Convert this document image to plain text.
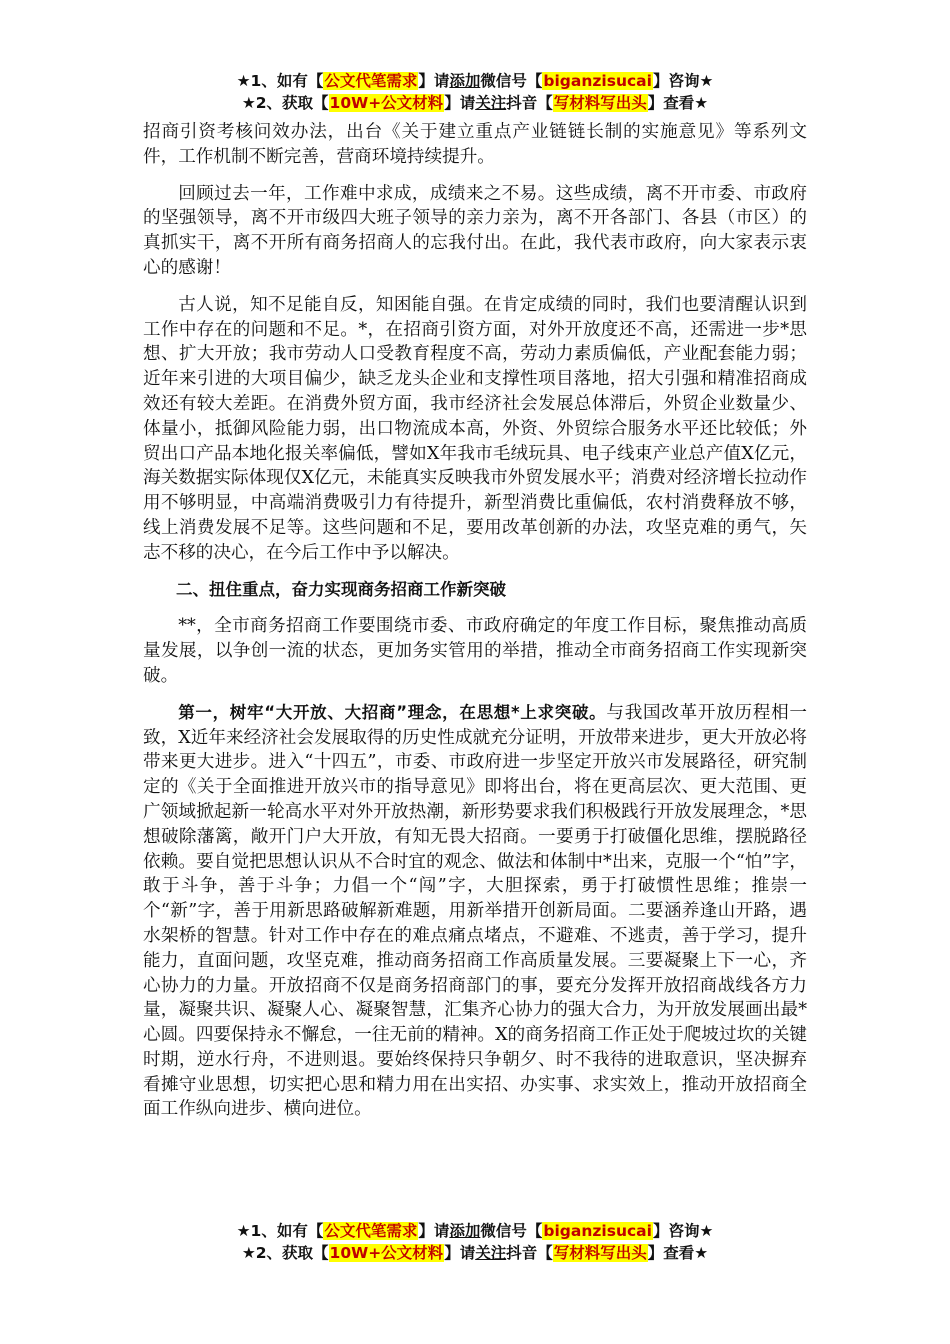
★1、如有【公文代笔需求】请添加微信号【biganzisucai】咨询★
★2、获取【10W+公文材料】请关注抖音【写材料写出头】查看★

招商引资考核问效办法，出台《关于建立重点产业链链长制的实施意见》等系列文件，工作机制不断完善，营商环境持续提升。

回顾过去一年，工作难中求成，成绩来之不易。这些成绩，离不开市委、市政府的坚强领导，离不开市级四大班子领导的亲力亲为，离不开各部门、各县（市区）的真抓实干，离不开所有商务招商人的忘我付出。在此，我代表市政府，向大家表示衷心的感谢！

古人说，知不足能自反，知困能自强。在肯定成绩的同时，我们也要清醒认识到工作中存在的问题和不足。*，在招商引资方面，对外开放度还不高，还需进一步*思想、扩大开放；我市劳动人口受教育程度不高，劳动力素质偏低，产业配套能力弱；近年来引进的大项目偏少，缺乏龙头企业和支撑性项目落地，招大引强和精准招商成效还有较大差距。在消费外贸方面，我市经济社会发展总体滞后，外贸企业数量少、体量小，抵御风险能力弱，出口物流成本高，外资、外贸综合服务水平还比较低；外贸出口产品本地化报关率偏低，譬如X年我市毛绒玩具、电子线束产业总产值X亿元，海关数据实际体现仅X亿元，未能真实反映我市外贸发展水平；消费对经济增长拉动作用不够明显，中高端消费吸引力有待提升，新型消费比重偏低，农村消费释放不够，线上消费发展不足等。这些问题和不足，要用改革创新的办法，攻坚克难的勇气，矢志不移的决心，在今后工作中予以解决。

二、扭住重点，奋力实现商务招商工作新突破

**，全市商务招商工作要围绕市委、市政府确定的年度工作目标，聚焦推动高质量发展，以争创一流的状态，更加务实管用的举措，推动全市商务招商工作实现新突破。

第一，树牢“大开放、大招商”理念，在思想*上求突破。与我国改革开放历程相一致，X近年来经济社会发展取得的历史性成就充分证明，开放带来进步，更大开放必将带来更大进步。进入“十四五”，市委、市政府进一步坚定开放兴市发展路径，研究制定的《关于全面推进开放兴市的指导意见》即将出台，将在更高层次、更大范围、更广领域掀起新一轮高水平对外开放热潮，新形势要求我们积极践行开放发展理念，*思想破除藩篱，敞开门户大开放，有知无畏大招商。一要勇于打破僵化思维，摆脱路径依赖。要自觉把思想认识从不合时宜的观念、做法和体制中*出来，克服一个“怕”字，敢于斗争，善于斗争；力倡一个“闯”字，大胆探索，勇于打破惯性思维；推崇一个“新”字，善于用新思路破解新难题，用新举措开创新局面。二要涵养逢山开路，遇水架桥的智慧。针对工作中存在的难点痛点堵点，不避难、不逃责，善于学习，提升能力，直面问题，攻坚克难，推动商务招商工作高质量发展。三要凝聚上下一心，齐心协力的力量。开放招商不仅是商务招商部门的事，要充分发挥开放招商战线各方力量，凝聚共识、凝聚人心、凝聚智慧，汇集齐心协力的强大合力，为开放发展画出最*心圆。四要保持永不懈怠，一往无前的精神。X的商务招商工作正处于爬坡过坎的关键时期，逆水行舟，不进则退。要始终保持只争朝夕、时不我待的进取意识，坚决摒弃看摊守业思想，切实把心思和精力用在出实招、办实事、求实效上，推动开放招商全面工作纵向进步、横向进位。

★1、如有【公文代笔需求】请添加微信号【biganzisucai】咨询★
★2、获取【10W+公文材料】请关注抖音【写材料写出头】查看★
